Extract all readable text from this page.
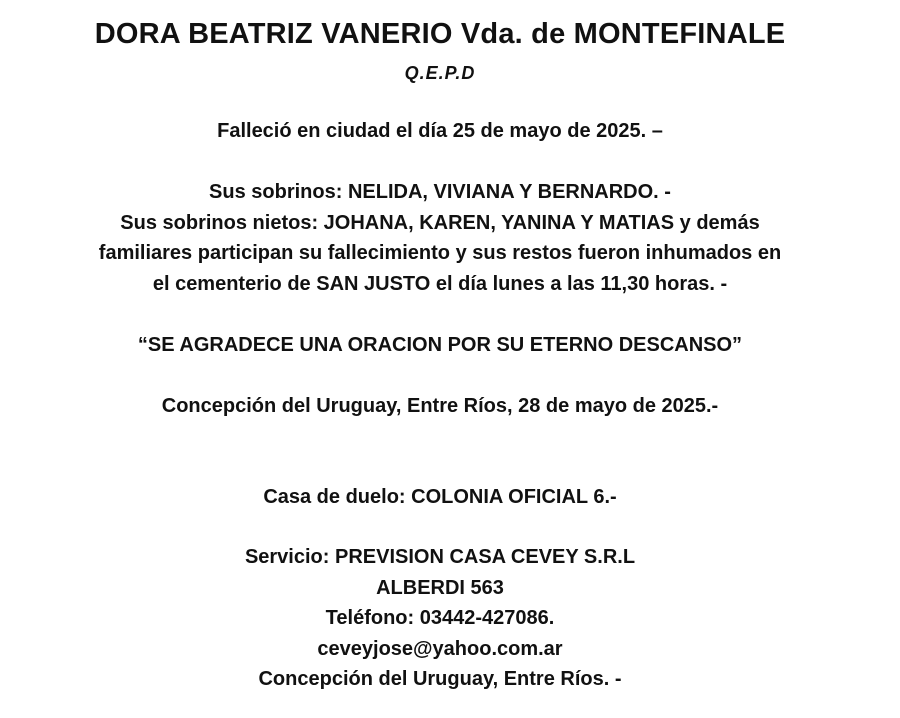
DORA BEATRIZ VANERIO Vda. de MONTEFINALE
Q.E.P.D
Falleció en ciudad el día 25 de mayo de 2025. –
Sus sobrinos: NELIDA, VIVIANA Y BERNARDO. -
Sus sobrinos nietos: JOHANA, KAREN, YANINA Y MATIAS y demás
familiares participan su fallecimiento y sus restos fueron inhumados en
el cementerio de SAN JUSTO el día lunes a las 11,30 horas. -
“SE AGRADECE UNA ORACION POR SU ETERNO DESCANSO”
Concepción del Uruguay, Entre Ríos, 28 de mayo de 2025.-
Casa de duelo: COLONIA OFICIAL 6.-
Servicio: PREVISION CASA CEVEY S.R.L
ALBERDI 563
Teléfono: 03442-427086.
ceveyjose@yahoo.com.ar
Concepción del Uruguay, Entre Ríos. -
